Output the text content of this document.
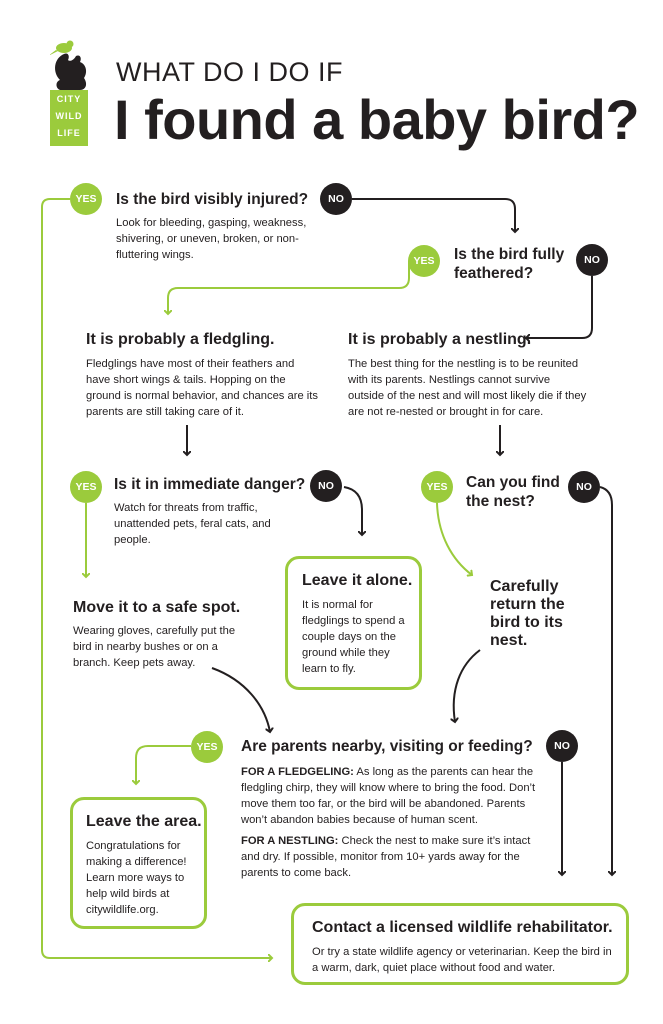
CITY
WILD
LIFE
WHAT DO I DO IF
I found a baby bird?
YES	Is the bird visibly injured?	NO
Look for bleeding, gasping, weakness, shivering, or uneven, broken, or non-fluttering wings.	YES	Is the bird fully feathered?
NO
It is probably a fledgling.
Fledglings have most of their feathers and have short wings & tails. Hopping on the ground is normal behavior, and chances are its parents are still taking care of it.
It is probably a nestling.
The best thing for the nestling is to be reunited with its parents. Nestlings cannot survive outside of the nest and will most likely die if they are not re-nested or brought in for care.
YES	Is it in immediate danger?	NO
Watch for threats from traffic, unattended pets, feral cats, and people.
YES	Can you find the nest?
NO
Leave it alone.
It is normal for fledglings to spend a couple days on the ground while they learn to fly.
Carefully return the bird to its nest.
Move it to a safe spot.
Wearing gloves, carefully put the bird in nearby bushes or on a branch. Keep pets away.
YES	Are parents nearby, visiting or feeding?	NO
FOR A FLEDGELING: As long as the parents can hear the fledgling chirp, they will know where to bring the food. Don’t move them too far, or the bird will be abandoned. Parents won’t abandon babies because of human scent.
FOR A NESTLING: Check the nest to make sure it’s intact and dry. If possible, monitor from 10+ yards away for the parents to come back.
Leave the area.
Congratulations for making a difference! Learn more ways to help wild birds at citywildlife.org.
Contact a licensed wildlife rehabilitator.
Or try a state wildlife agency or veterinarian. Keep the bird in a warm, dark, quiet place without food and water.
